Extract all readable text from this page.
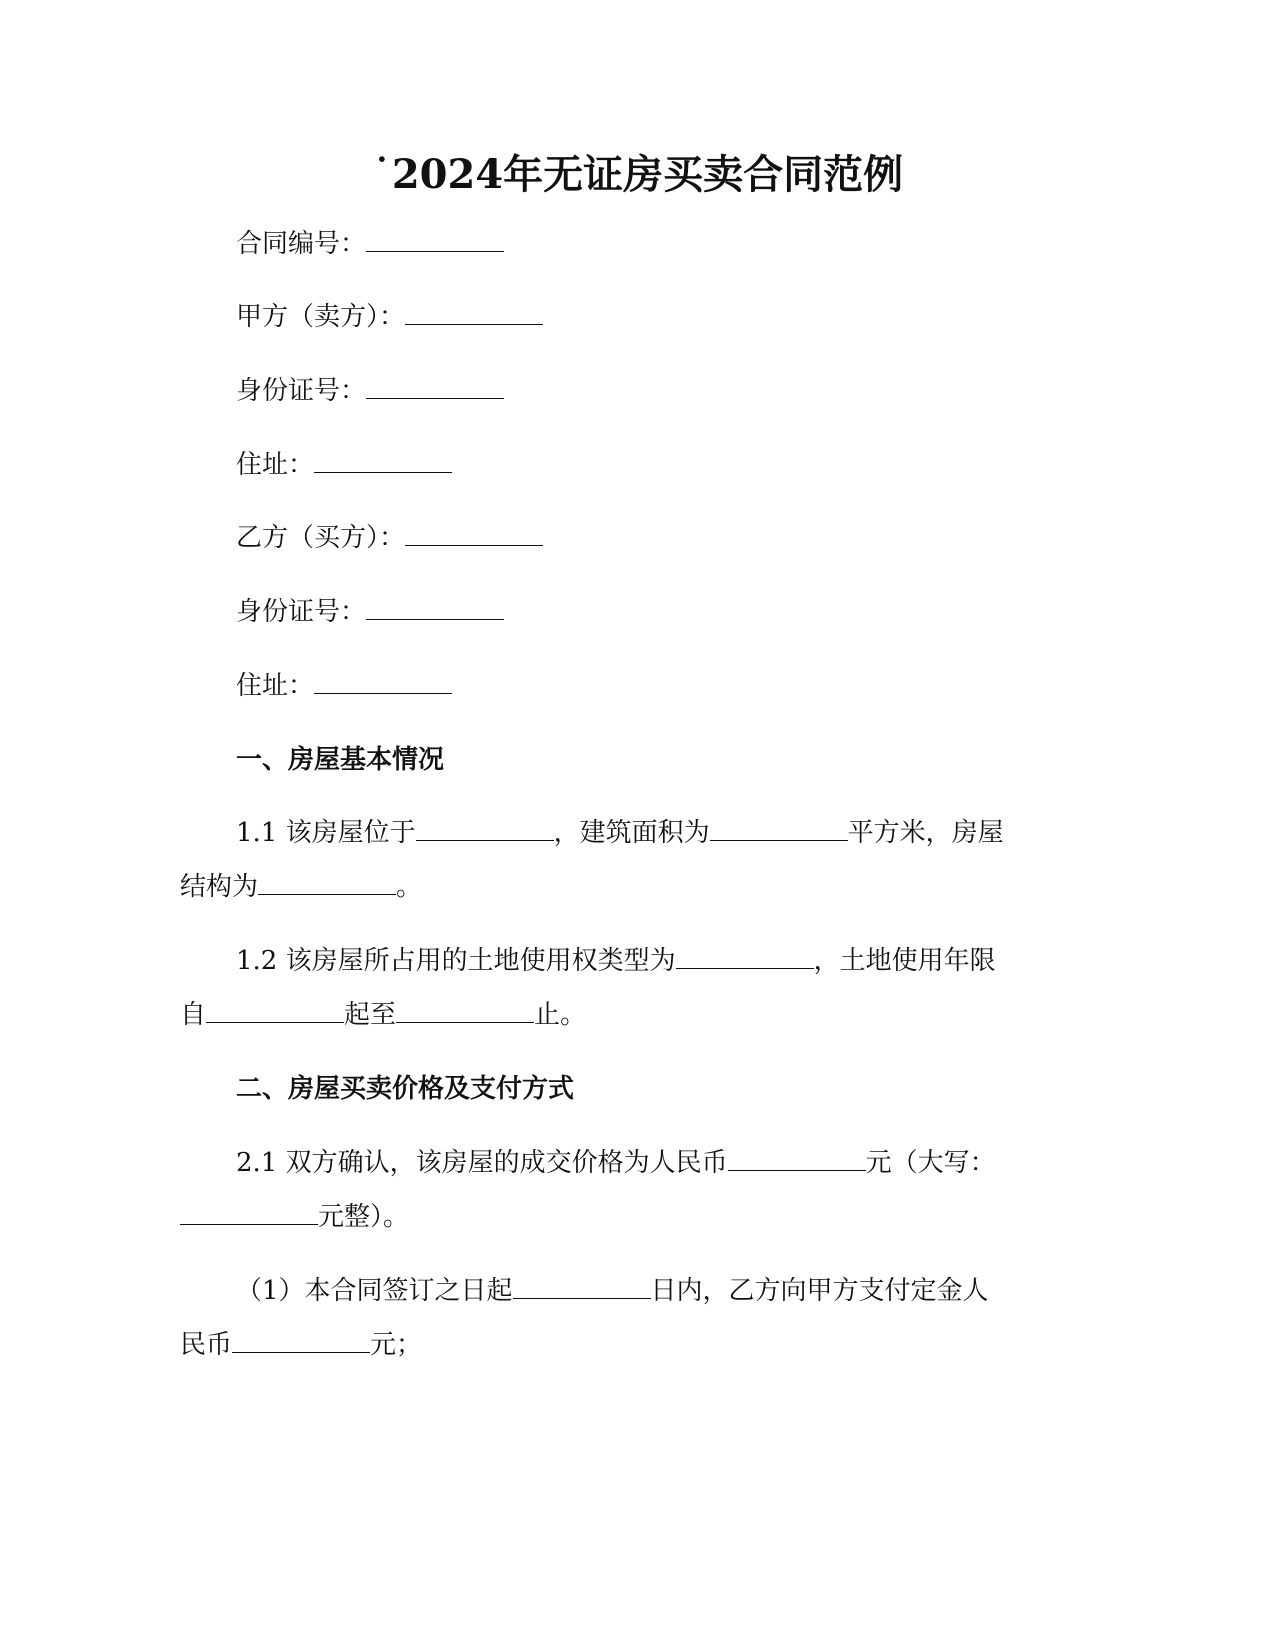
˙2024年无证房买卖合同范例
合同编号：
甲方（卖方）：
身份证号：
住址：
乙方（买方）：
身份证号：
住址：
一、房屋基本情况
1.1 该房屋位于	，建筑面积为	平方米，房屋
结构为	。
1.2 该房屋所占用的土地使用权类型为	，土地使用年限
自	起至	止。
二、房屋买卖价格及支付方式
2.1 双方确认，该房屋的成交价格为人民币	元（大写：
元整）。
（1）本合同签订之日起	日内，乙方向甲方支付定金人
民币	元；
